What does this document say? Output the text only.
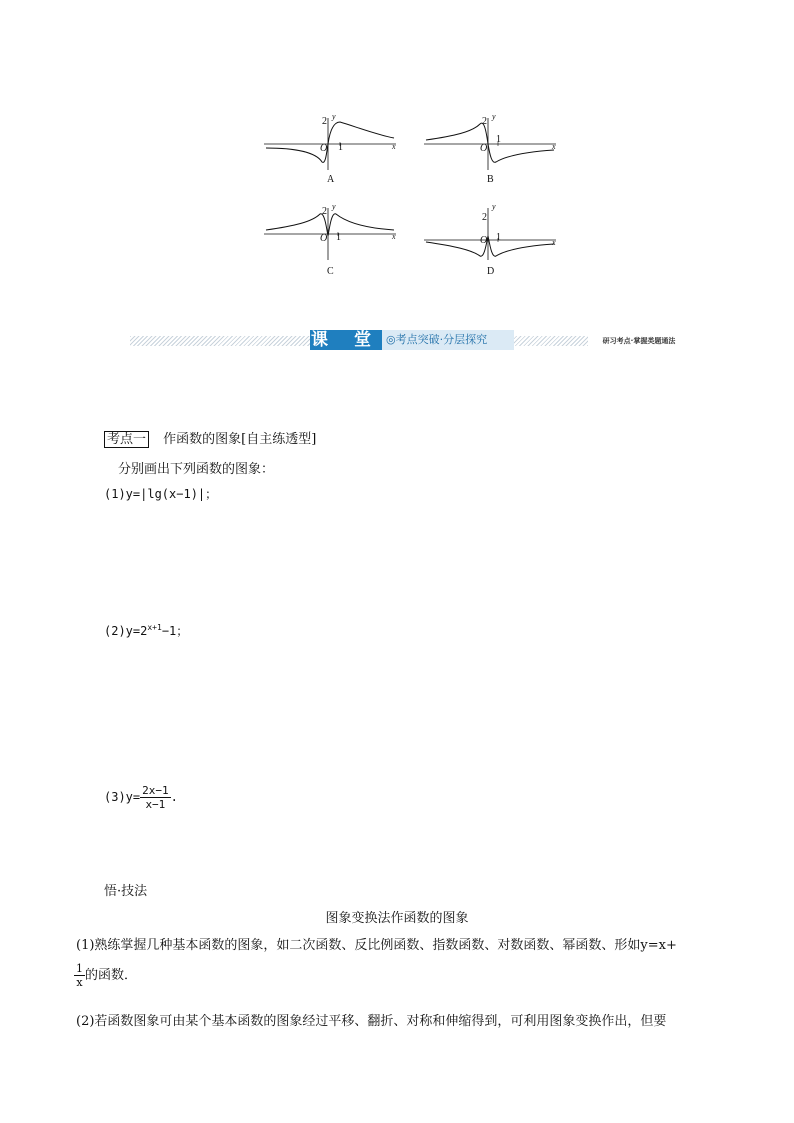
2 y
O 1	x
A
2 y
O
1
x
B
2 y
O 1	x
C
2
y
O 1	x
D
课 堂 ◎考点突破·分层探究	研习考点·掌握类题通法
考点一 作函数的图象[自主练透型]
分别画出下列函数的图象：
(1)y=|lg(x−1)|；
$(2)y=2^{x+1}-1$；
$(3)y= \frac{2x-1}{x-1}$ .
悟·技法
图象变换法作函数的图象
(1)熟练掌握几种基本函数的图象，如二次函数、反比例函数、指数函数、对数函数、幂函数、形如y=x+
$\frac{1}{x}$ 的函数．
(2)若函数图象可由某个基本函数的图象经过平移、翻折、对称和伸缩得到，可利用图象变换作出，但要
